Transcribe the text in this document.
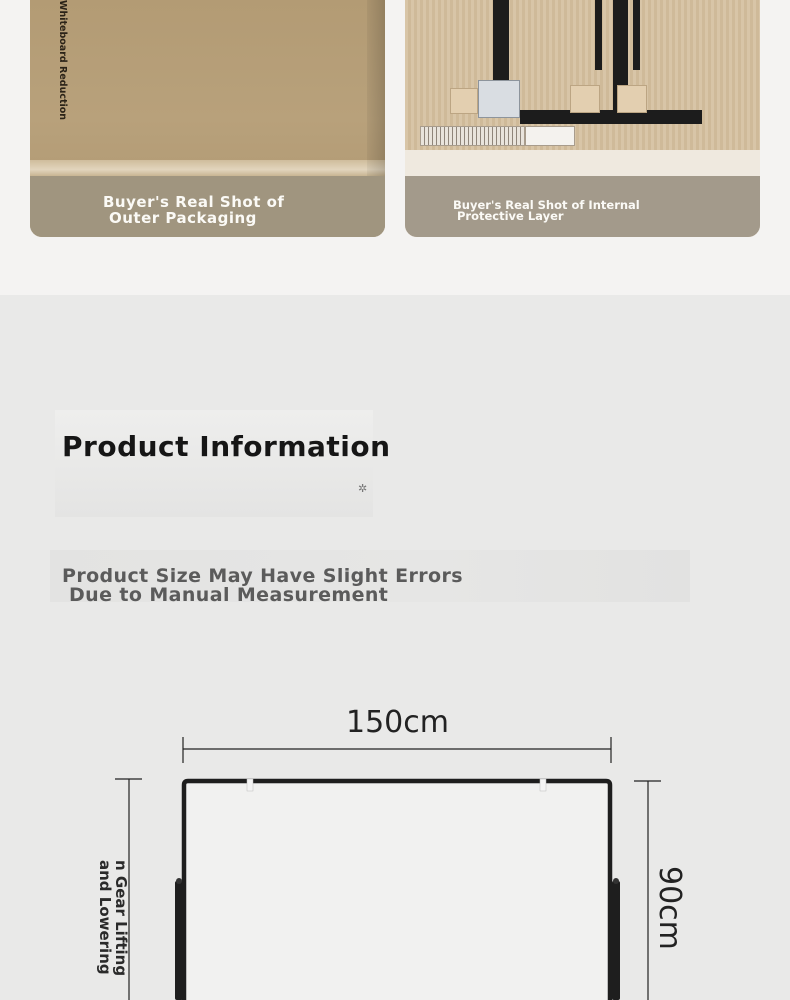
Whiteboard Reduction
Buyer's Real Shot of
Outer Packaging
Buyer's Real Shot of Internal
Protective Layer
Product Information
✲
Product Size May Have Slight Errors
Due to Manual Measurement
150cm
90cm
n Gear Lifting
and Lowering
